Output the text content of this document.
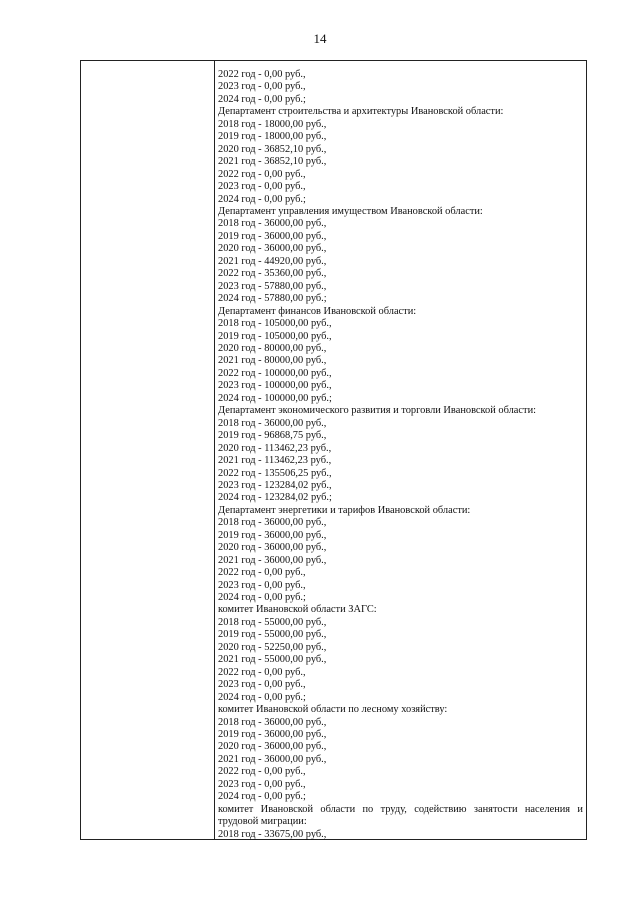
14
2022 год - 0,00 руб.,
2023 год - 0,00 руб.,
2024 год - 0,00 руб.;
Департамент строительства и архитектуры Ивановской области:
2018 год - 18000,00 руб.,
2019 год - 18000,00 руб.,
2020 год - 36852,10 руб.,
2021 год - 36852,10 руб.,
2022 год - 0,00 руб.,
2023 год - 0,00 руб.,
2024 год - 0,00 руб.;
Департамент управления имуществом Ивановской области:
2018 год - 36000,00 руб.,
2019 год - 36000,00 руб.,
2020 год - 36000,00 руб.,
2021 год - 44920,00 руб.,
2022 год - 35360,00 руб.,
2023 год - 57880,00 руб.,
2024 год - 57880,00 руб.;
Департамент финансов Ивановской области:
2018 год - 105000,00 руб.,
2019 год - 105000,00 руб.,
2020 год - 80000,00 руб.,
2021 год - 80000,00 руб.,
2022 год - 100000,00 руб.,
2023 год - 100000,00 руб.,
2024 год - 100000,00 руб.;
Департамент экономического развития и торговли Ивановской области:
2018 год - 36000,00 руб.,
2019 год - 96868,75 руб.,
2020 год - 113462,23 руб.,
2021 год - 113462,23 руб.,
2022 год - 135506,25 руб.,
2023 год - 123284,02 руб.,
2024 год - 123284,02 руб.;
Департамент энергетики и тарифов Ивановской области:
2018 год - 36000,00 руб.,
2019 год - 36000,00 руб.,
2020 год - 36000,00 руб.,
2021 год - 36000,00 руб.,
2022 год - 0,00 руб.,
2023 год - 0,00 руб.,
2024 год - 0,00 руб.;
комитет Ивановской области ЗАГС:
2018 год - 55000,00 руб.,
2019 год - 55000,00 руб.,
2020 год - 52250,00 руб.,
2021 год - 55000,00 руб.,
2022 год - 0,00 руб.,
2023 год - 0,00 руб.,
2024 год - 0,00 руб.;
комитет Ивановской области по лесному хозяйству:
2018 год - 36000,00 руб.,
2019 год - 36000,00 руб.,
2020 год - 36000,00 руб.,
2021 год - 36000,00 руб.,
2022 год - 0,00 руб.,
2023 год - 0,00 руб.,
2024 год - 0,00 руб.;
комитет Ивановской области по труду, содействию занятости населения и
трудовой миграции:
2018 год - 33675,00 руб.,
